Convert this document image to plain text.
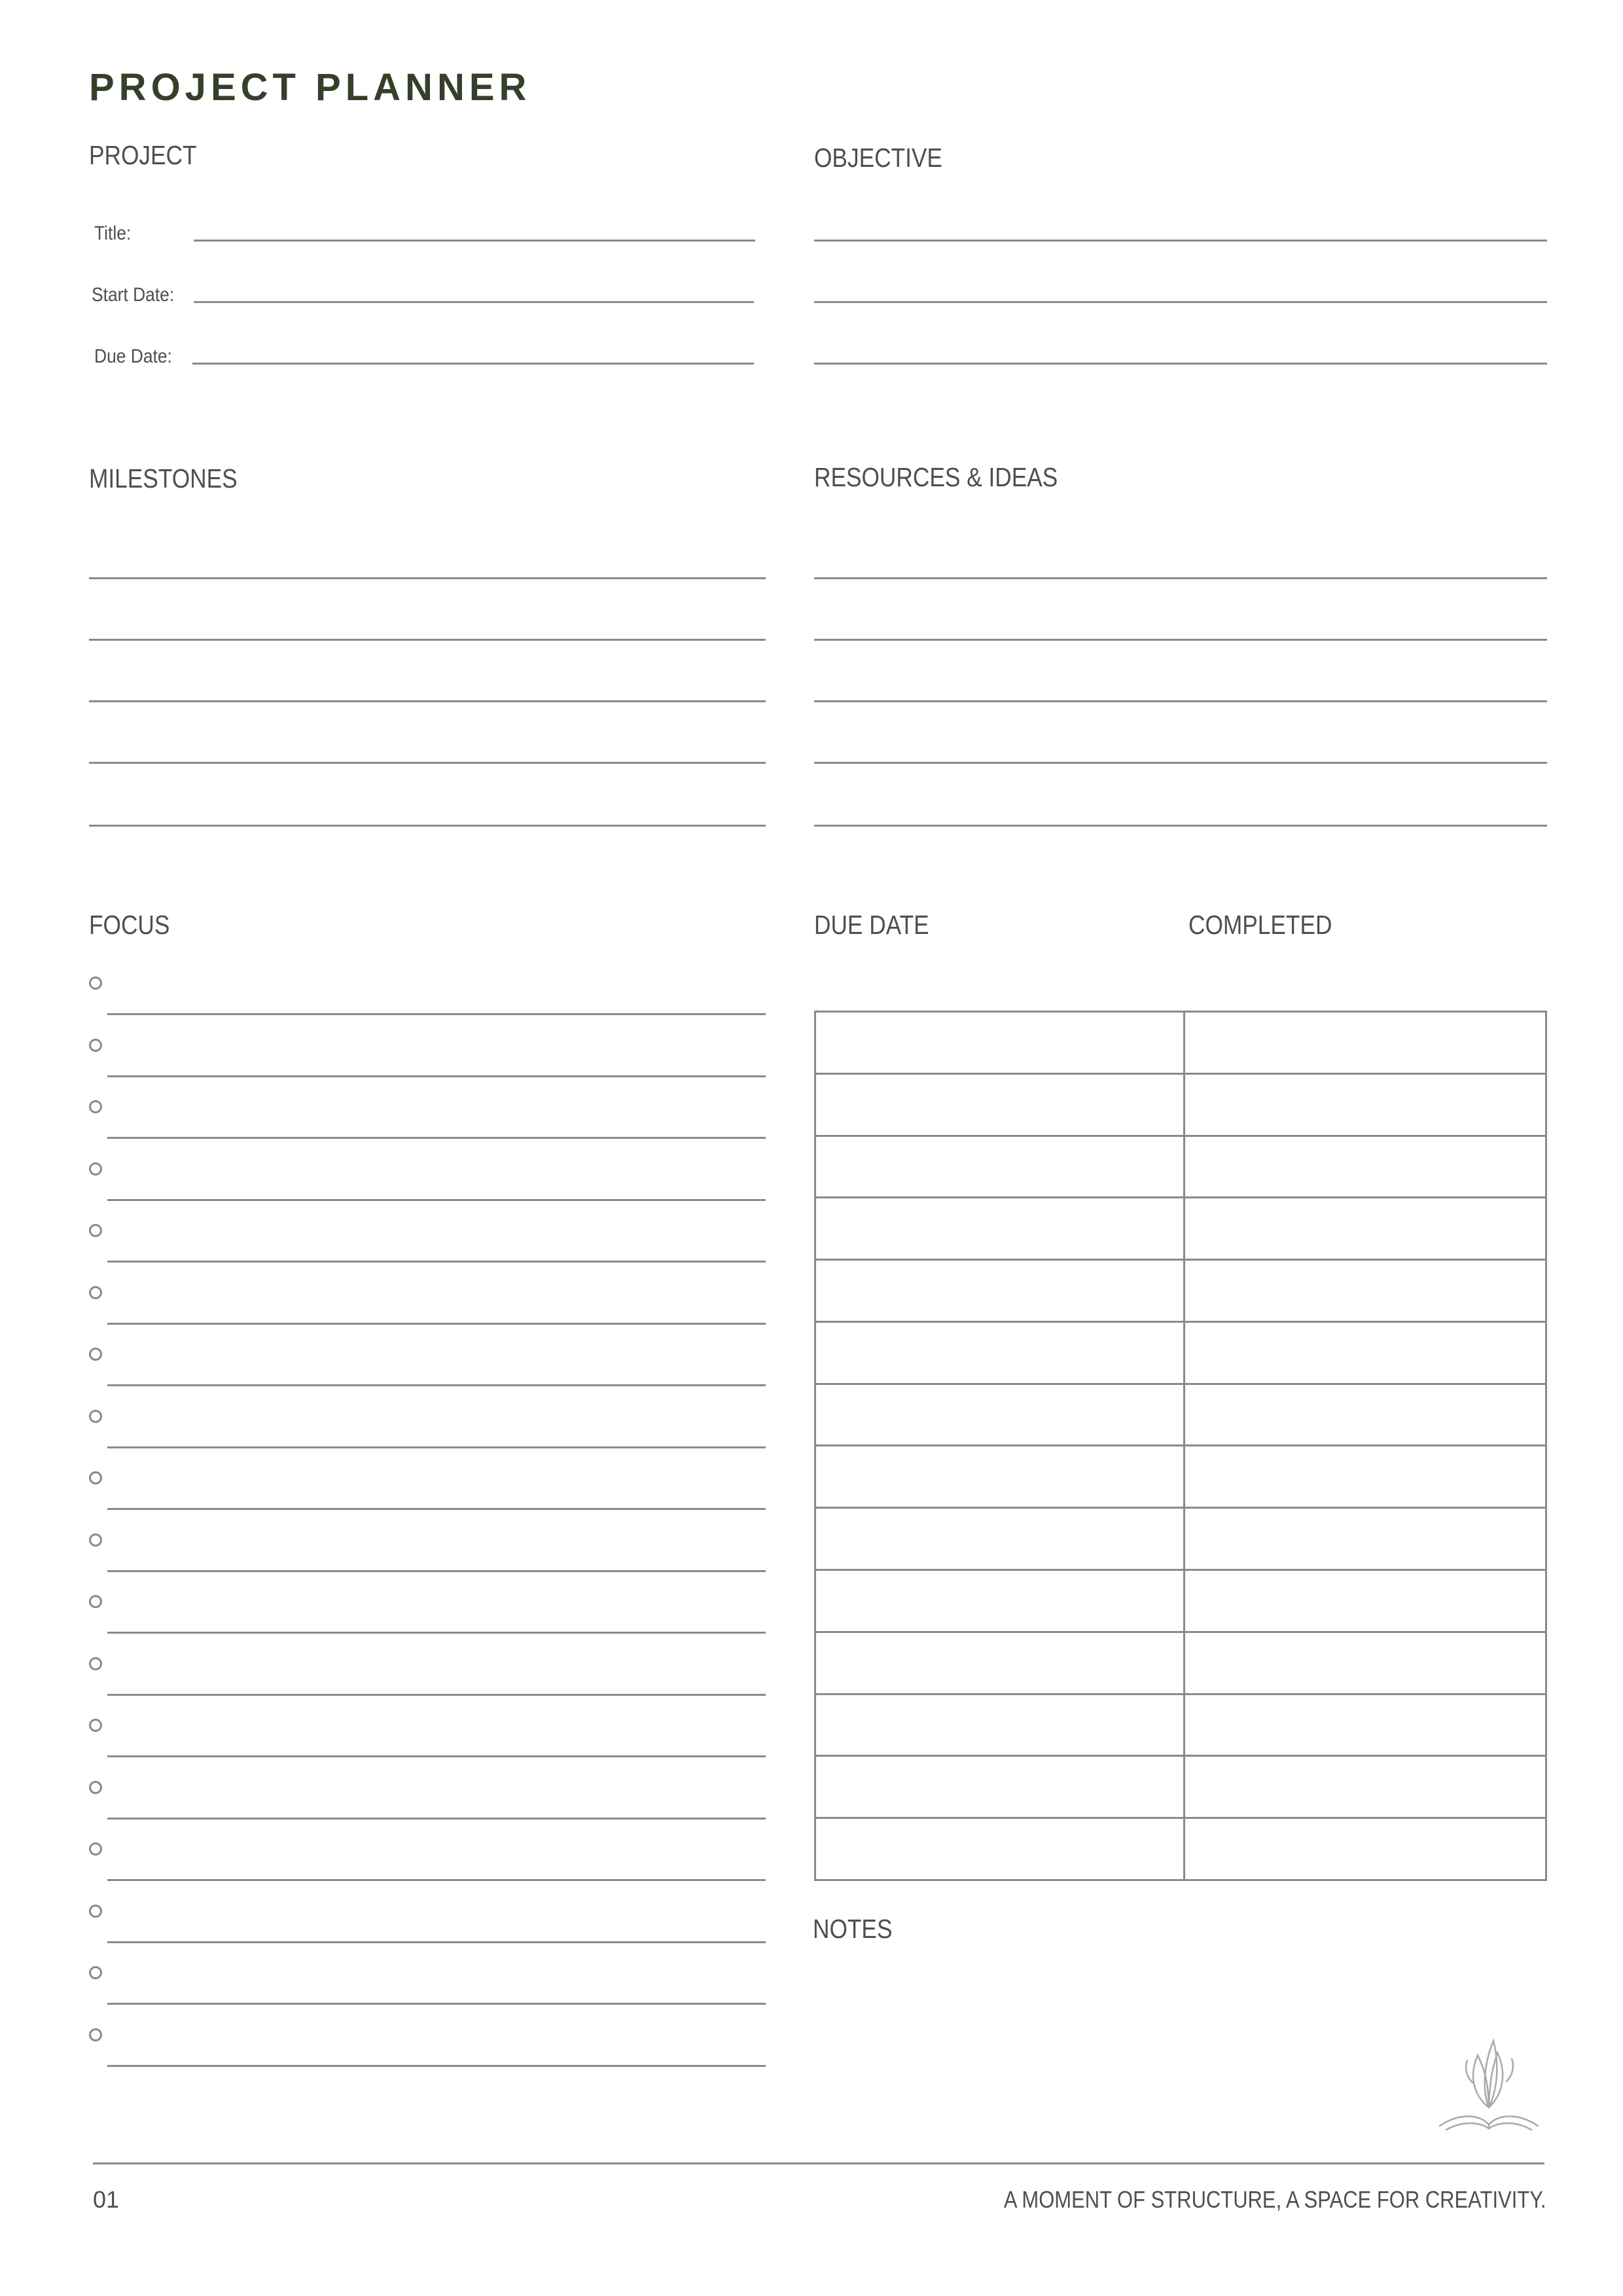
PROJECT PLANNER
PROJECT
Title:
Start Date:
Due Date:
OBJECTIVE
MILESTONES	RESOURCES & IDEAS
FOCUS	DUE DATE	COMPLETED

NOTES
01	A MOMENT OF STRUCTURE, A SPACE FOR CREATIVITY.
